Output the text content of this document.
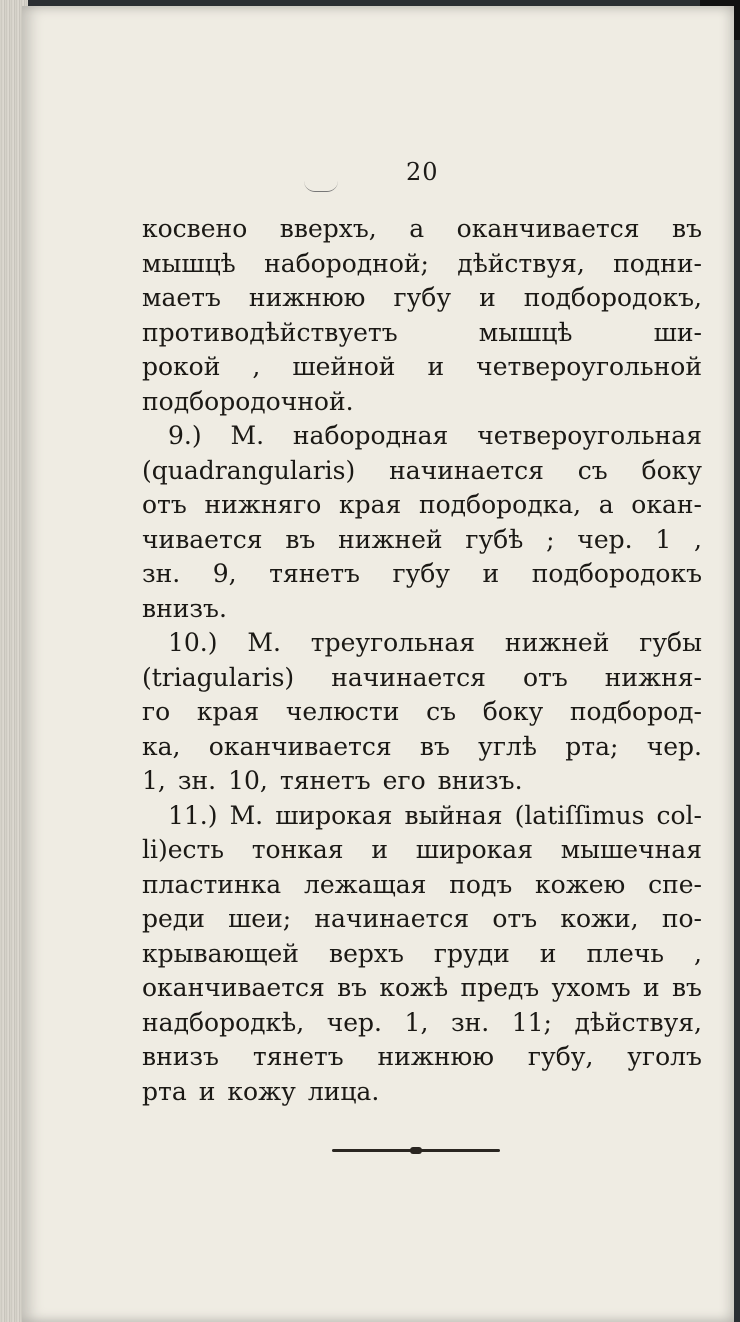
20
косвено вверхъ, а оканчивается въ
мышцѣ набородной; дѣйствуя, подни-
маетъ нижнюю губу и подбородокъ,
противодѣйствуетъ	мышцѣ	ши-
рокой , шейной и четвероугольной
подбородочной.
9.) М. набородная четвероугольная
(quadrangularis) начинается съ боку
отъ нижняго края подбородка, а окан-
чивается въ нижней губѣ ; чер. 1 ,
зн. 9, тянетъ губу и подбородокъ
внизъ.
10.) М. треугольная нижней губы
(triagularis) начинается отъ нижня-
го края челюсти съ боку подбород-
ка, оканчивается въ углѣ рта; чер.
1, зн. 10, тянетъ его внизъ.
11.) М. широкая выйная (latiſſimus col-
li)есть тонкая и широкая мышечная
пластинка лежащая подъ кожею спе-
реди шеи; начинается отъ кожи, по-
крывающей верхъ груди и плечь ,
оканчивается въ кожѣ предъ ухомъ и въ
надбородкѣ, чер. 1, зн. 11; дѣйствуя,
внизъ тянетъ нижнюю губу, уголъ
рта и кожу лица.
